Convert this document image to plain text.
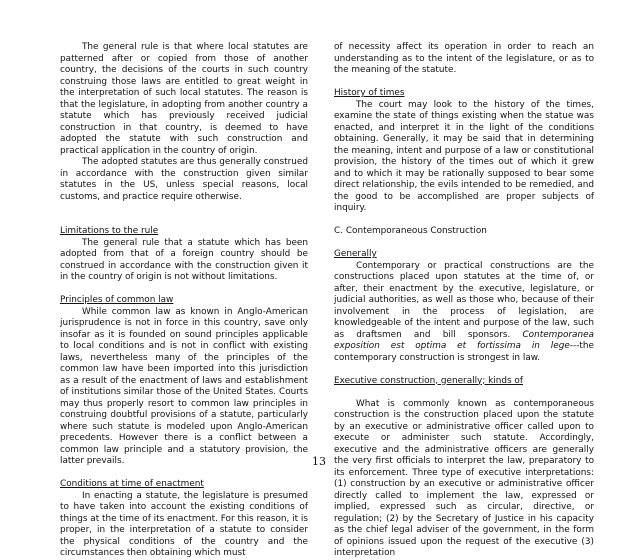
The general rule is that where local statutes are patterned after or copied from those of another country, the decisions of the courts in such country construing those laws are entitled to great weight in the interpretation of such local statutes. The reason is that the legislature, in adopting from another country a statute which has previously received judicial construction in that country, is deemed to have adopted the statute with such construction and practical application in the country of origin.

The adopted statutes are thus generally construed in accordance with the construction given similar statutes in the US, unless special reasons, local customs, and practice require otherwise.

Limitations to the rule

The general rule that a statute which has been adopted from that of a foreign country should be construed in accordance with the construction given it in the country of origin is not without limitations.

Principles of common law

While common law as known in Anglo-American jurisprudence is not in force in this country, save only insofar as it is founded on sound principles applicable to local conditions and is not in conflict with existing laws, nevertheless many of the principles of the common law have been imported into this jurisdiction as a result of the enactment of laws and establishment of institutions similar those of the United States. Courts may thus properly resort to common law principles in construing doubtful provisions of a statute, particularly where such statute is modeled upon Anglo-American precedents. However there is a conflict between a common law principle and a statutory provision, the latter prevails.

Conditions at time of enactment

In enacting a statute, the legislature is presumed to have taken into account the existing conditions of things at the time of its enactment. For this reason, it is proper, in the interpretation of a statute to consider the physical conditions of the country and the circumstances then obtaining which must

of necessity affect its operation in order to reach an understanding as to the intent of the legislature, or as to the meaning of the statute.

History of times

The court may look to the history of the times, examine the state of things existing when the statue was enacted, and interpret it in the light of the conditions obtaining. Generally, it may be said that in determining the meaning, intent and purpose of a law or constitutional provision, the history of the times out of which it grew and to which it may be rationally supposed to bear some direct relationship, the evils intended to be remedied, and the good to be accomplished are proper subjects of inquiry.

C. Contemporaneous Construction

Generally

Contemporary or practical constructions are the constructions placed upon statutes at the time of, or after, their enactment by the executive, legislature, or judicial authorities, as well as those who, because of their involvement in the process of legislation, are knowledgeable of the intent and purpose of the law, such as draftsmen and bill sponsors. Contemporanea exposition est optima et fortissima in lege---the contemporary construction is strongest in law.

Executive construction, generally; kinds of

What is commonly known as contemporaneous construction is the construction placed upon the statute by an executive or administrative officer called upon to execute or administer such statute. Accordingly, executive and the administrative officers are generally the very first officials to interpret the law, preparatory to its enforcement. Three type of executive interpretations: (1) construction by an executive or administrative officer directly called to implement the law, expressed or implied, expressed such as circular, directive, or regulation; (2) by the Secretary of Justice in his capacity as the chief legal adviser of the government, in the form of opinions issued upon the request of the executive (3) interpretation

13
